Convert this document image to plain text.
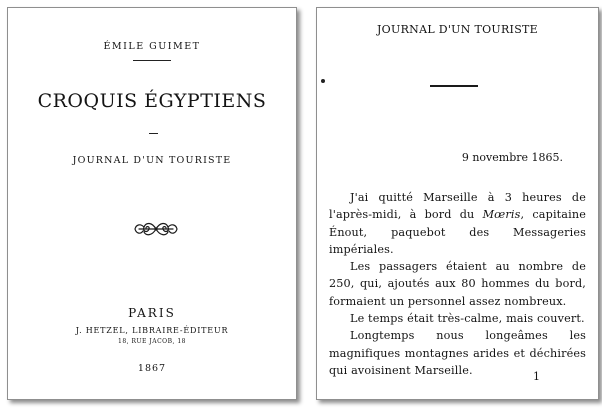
ÉMILE GUIMET
CROQUIS ÉGYPTIENS
JOURNAL D'UN TOURISTE
PARIS
J. HETZEL, LIBRAIRE-ÉDITEUR
18, RUE JACOB, 18
1867
JOURNAL D'UN TOURISTE
9 novembre 1865.

J'ai quitté Marseille à 3 heures de l'après-midi, à bord du Mœris, capitaine Énout, paquebot des Messageries impériales.

Les passagers étaient au nombre de 250, qui, ajoutés aux 80 hommes du bord, formaient un personnel assez nombreux.

Le temps était très-calme, mais couvert.

Longtemps nous longeâmes les magnifiques montagnes arides et déchirées qui avoisinent Marseille.	1
